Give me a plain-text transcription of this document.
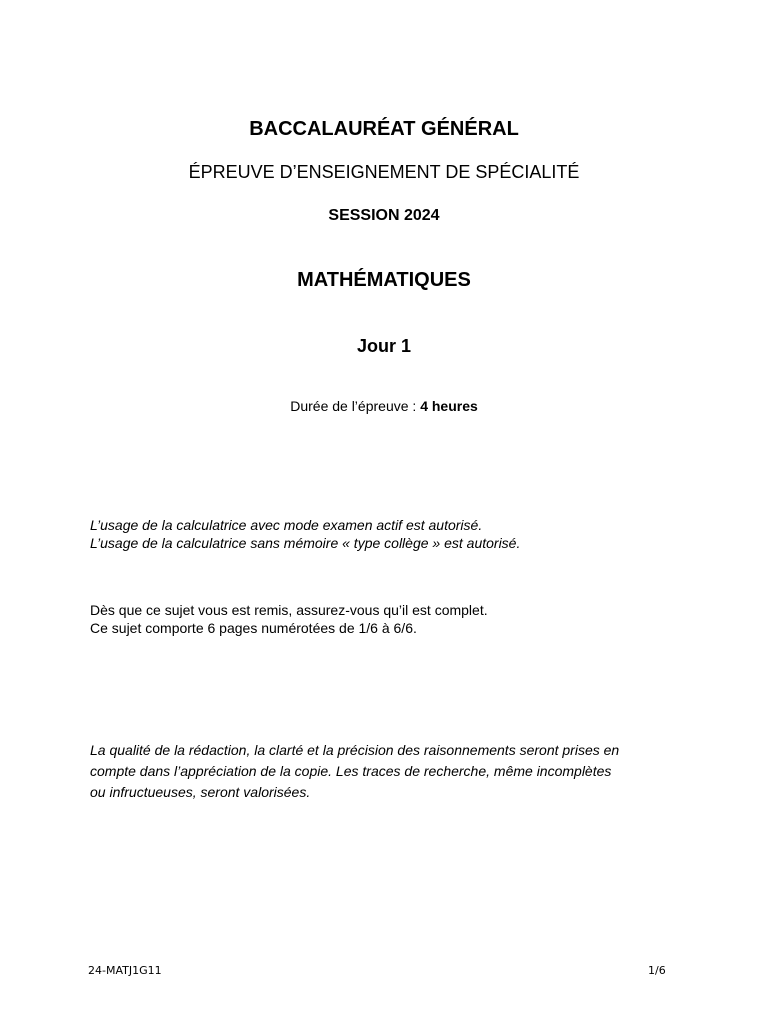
BACCALAURÉAT GÉNÉRAL
ÉPREUVE D’ENSEIGNEMENT DE SPÉCIALITÉ
SESSION 2024
MATHÉMATIQUES
Jour 1
Durée de l’épreuve : 4 heures

L’usage de la calculatrice avec mode examen actif est autorisé.

L’usage de la calculatrice sans mémoire « type collège » est autorisé.

Dès que ce sujet vous est remis, assurez-vous qu’il est complet.

Ce sujet comporte 6 pages numérotées de 1/6 à 6/6.

La qualité de la rédaction, la clarté et la précision des raisonnements seront prises en

compte dans l’appréciation de la copie. Les traces de recherche, même incomplètes

ou infructueuses, seront valorisées.

24-MATJ1G11	1/6
